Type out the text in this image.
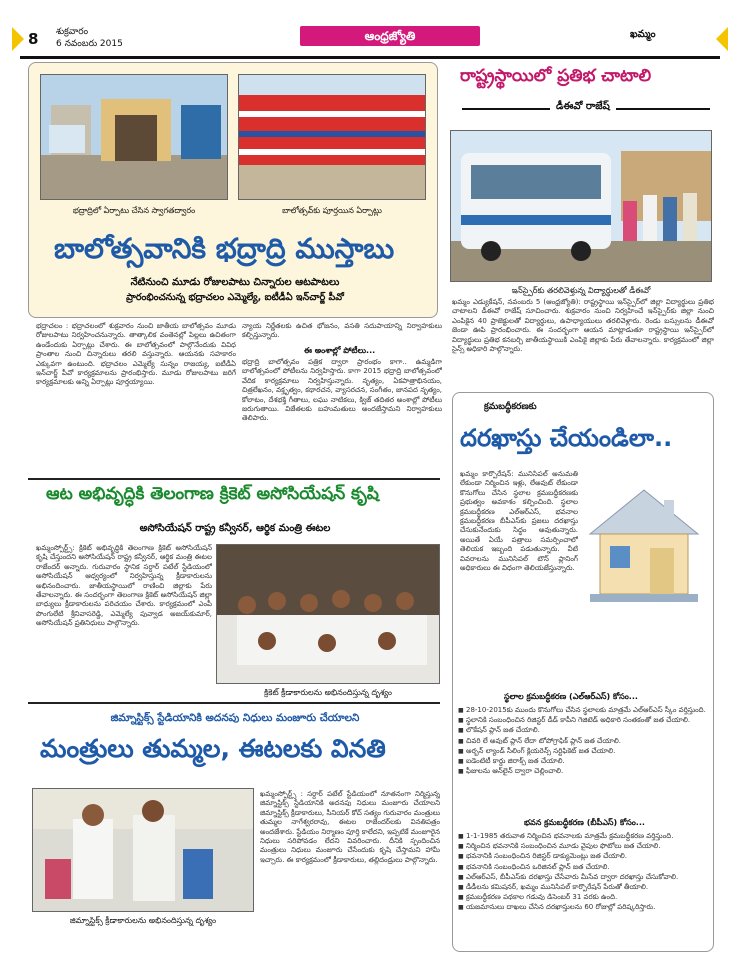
8 శుక్రవారం
6 నవంబరు 2015
ఆంధ్రజ్యోతి	ఖమ్మం
భద్రాద్రిలో ఏర్పాటు చేసిన స్వాగతద్వారం	బాలోత్సవ్‌కు పూర్తయిన ఏర్పాట్లు
బాలోత్సవానికి భద్రాద్రి ముస్తాబు
నేటినుంచి మూడు రోజులపాటు చిన్నారుల ఆటపాటలు
ప్రారంభించనున్న భద్రాచలం ఎమ్మెల్యే, ఐటీడీఏ ఇన్‌చార్జ్ పీవో
భద్రాచలం : భద్రాచలంలో శుక్రవారం నుంచి జాతీయ బాలోత్సవం మూడు రోజులపాటు నిర్వహించనున్నారు. తాత్కాలిక వంతెనల్లో పిల్లలు ఉచితంగా ఉండేందుకు ఏర్పాట్లు చేశారు. ఈ బాలోత్సవంలో పాల్గొనేందుకు వివిధ ప్రాంతాల నుంచి చిన్నారులు తరలి వస్తున్నారు. ఆయనకు సహకారం ఎక్కువగా ఉంటుంది. భద్రాచలం ఎమ్మెల్యే సున్నం రాజయ్య, ఐటీడీఏ ఇన్‌చార్జ్ పీవో కార్యక్రమాలను ప్రారంభిస్తారు. మూడు రోజులపాటు జరిగే కార్యక్రమాలకు అన్ని ఏర్పాట్లు పూర్తయ్యాయి.
న్యాయ నిర్ణేతలకు ఉచిత భోజనం, వసతి సదుపాయాన్ని నిర్వాహకులు కల్పిస్తున్నారు.
ఈ అంశాల్లో పోటీలు...
భద్రాద్రి బాలోత్సవం పత్రిక ద్వారా ప్రారంభం కాగా.. ఉమ్మడిగా బాలోత్సవంలో పోటీలను నిర్వహిస్తారు. కాగా 2015 భద్రాద్రి బాలోత్సవంలో వేదిక కార్యక్రమాలు నిర్వహిస్తున్నారు. నృత్యం, ఏకపాత్రాభినయం, చిత్రలేఖనం, వక్తృత్వం, కథారచన, వ్యాసరచన, సంగీతం, జానపద నృత్యం, కోలాటం, దేశభక్తి గీతాలు, లఘు నాటికలు, క్విజ్ తదితర అంశాల్లో పోటీలు జరుగుతాయి. విజేతలకు బహుమతులు అందజేస్తామని నిర్వాహకులు తెలిపారు.
రాష్ట్రస్థాయిలో ప్రతిభ చాటాలి
డీఈవో రాజేష్
ఇన్‌స్పైర్‌కు తరలివెళ్తున్న విద్యార్థులతో డీఈవో
ఖమ్మం ఎడ్యుకేషన్, నవంబరు 5 (ఆంధ్రజ్యోతి): రాష్ట్రస్థాయి ఇన్‌స్పైర్‌లో జిల్లా విద్యార్థులు ప్రతిభ చాటాలని డీఈవో రాజేష్ సూచించారు. శుక్రవారం నుంచి నిర్వహించే ఇన్‌స్పైర్‌కు జిల్లా నుంచి ఎంపికైన 40 ప్రాజెక్టులతో విద్యార్థులు, ఉపాధ్యాయులు తరలివెళ్లారు. రెండు బస్సులను డీఈవో జెండా ఊపి ప్రారంభించారు. ఈ సందర్భంగా ఆయన మాట్లాడుతూ రాష్ట్రస్థాయి ఇన్‌స్పైర్‌లో విద్యార్థులు ప్రతిభ కనబర్చి జాతీయస్థాయికి ఎంపికై జిల్లాకు పేరు తేవాలన్నారు. కార్యక్రమంలో జిల్లా సైన్స్ అధికారి పాల్గొన్నారు.
ఆట అభివృద్ధికి తెలంగాణ క్రికెట్ అసోసియేషన్ కృషి
అసోసియేషన్ రాష్ట్ర కన్వీనర్, ఆర్థిక మంత్రి ఈటల
ఖమ్మంస్పోర్ట్స్: క్రికెట్ అభివృద్ధికి తెలంగాణ క్రికెట్ అసోసియేషన్ కృషి చేస్తుందని అసోసియేషన్ రాష్ట్ర కన్వీనర్, ఆర్థిక మంత్రి ఈటల రాజేందర్ అన్నారు. గురువారం స్థానిక సర్దార్ పటేల్ స్టేడియంలో అసోసియేషన్ ఆధ్వర్యంలో నిర్వహిస్తున్న క్రీడాకారులను అభినందించారు. జాతీయస్థాయిలో రాణించి జిల్లాకు పేరు తేవాలన్నారు. ఈ సందర్భంగా తెలంగాణ క్రికెట్ అసోసియేషన్ జిల్లా బాధ్యులు క్రీడాకారులను పరిచయం చేశారు. కార్యక్రమంలో ఎంపీ పొంగులేటి శ్రీనివాసరెడ్డి, ఎమ్మెల్యే పువ్వాడ అజయ్‌కుమార్, అసోసియేషన్ ప్రతినిధులు పాల్గొన్నారు.
క్రికెట్ క్రీడాకారులను అభినందిస్తున్న దృశ్యం
జిమ్నాస్టిక్స్ స్టేడియానికి అదనపు నిధులు మంజూరు చేయాలని
మంత్రులు తుమ్మల, ఈటలకు వినతి
జిమ్నాస్టిక్స్ క్రీడాకారులను అభినందిస్తున్న దృశ్యం
ఖమ్మంస్పోర్ట్స్ : సర్దార్ పటేల్ స్టేడియంలో నూతనంగా నిర్మిస్తున్న జిమ్నాస్టిక్స్ స్టేడియానికి అదనపు నిధులు మంజూరు చేయాలని జిమ్నాస్టిక్స్ క్రీడాకారులు, సీనియర్ కోచ్ సత్యం గురువారం మంత్రులు తుమ్మల నాగేశ్వరరావు, ఈటల రాజేందర్‌లకు వినతిపత్రం అందజేశారు. స్టేడియం నిర్మాణం పూర్తి కాలేదని, ఇప్పటికే మంజూరైన నిధులు సరిపోవడం లేదని వివరించారు. దీనికి స్పందించిన మంత్రులు నిధులు మంజూరు చేసేందుకు కృషి చేస్తామని హామీ ఇచ్చారు. ఈ కార్యక్రమంలో క్రీడాకారులు, తల్లిదండ్రులు పాల్గొన్నారు.
క్రమబద్ధీకరణకు
దరఖాస్తు చేయండిలా..
ఖమ్మం కార్పొరేషన్: మునిసిపల్ అనుమతి లేకుండా నిర్మించిన ఇళ్లు, లేఅవుట్ లేకుండా కొనుగోలు చేసిన స్థలాల క్రమబద్ధీకరణకు ప్రభుత్వం అవకాశం కల్పించింది. స్థలాల క్రమబద్ధీకరణ ఎల్‌ఆర్‌ఎస్, భవనాల క్రమబద్ధీకరణ బీపీఎస్‌కు ప్రజలు దరఖాస్తు చేసుకునేందుకు సిద్ధం అవుతున్నారు. అయితే ఏయే పత్రాలు సమర్పించాలో తెలియక ఇబ్బంది పడుతున్నారు. వీటి వివరాలను మునిసిపల్ టౌన్ ప్లానింగ్ అధికారులు ఈ విధంగా తెలియజేస్తున్నారు.
స్థలాల క్రమబద్ధీకరణ (ఎల్‌ఆర్‌ఎస్) కోసం...
■ 28-10-2015కు ముందు కొనుగోలు చేసిన స్థలాలకు మాత్రమే ఎల్‌ఆర్‌ఎస్ స్కీం వర్తిస్తుంది.
■ స్థలానికి సంబంధించిన రిజిస్టర్ డీడ్ కాపీని గెజిటెడ్ అధికారి సంతకంతో జత చేయాలి.
■ లొకేషన్ ప్లాన్ జత చేయాలి.
■ చివరి లే అవుట్ ప్లాన్ లేదా టోపోగ్రాఫిక్ ప్లాన్ జత చేయాలి.
■ అర్బన్ ల్యాండ్ సీలింగ్ క్లియరెన్స్ సర్టిఫికెట్ జత చేయాలి.
■ ఐడెంటిటీ కార్డు జిరాక్స్ జత చేయాలి.
■ ఫీజులను ఆన్‌లైన్ ద్వారా చెల్లించాలి.
భవన క్రమబద్ధీకరణ (బీపీఎస్) కోసం...
■ 1-1-1985 తరువాత నిర్మించిన భవనాలకు మాత్రమే క్రమబద్ధీకరణ వర్తిస్తుంది.
■ నిర్మించిన భవనానికి సంబంధించిన మూడు వైపుల ఫొటోలు జత చేయాలి.
■ భవనానికి సంబంధించిన రిజిస్టర్ డాక్యుమెంట్లు జత చేయాలి.
■ భవనానికి సంబంధించిన ఒరిజినల్ ప్లాన్ జత చేయాలి.
■ ఎల్‌ఆర్‌ఎస్, బీపీఎస్‌కు దరఖాస్తు చేసేవారు మీసేవ ద్వారా దరఖాస్తు చేసుకోవాలి.
■ డీడీలను కమిషనర్, ఖమ్మం మునిసిపల్ కార్పొరేషన్ పేరుతో తీయాలి.
■ క్రమబద్ధీకరణ పథకాల గడువు డిసెంబర్ 31 వరకు ఉంది.
■ యజమానులు దాఖలు చేసిన దరఖాస్తులను 60 రోజుల్లో పరిష్కరిస్తారు.
